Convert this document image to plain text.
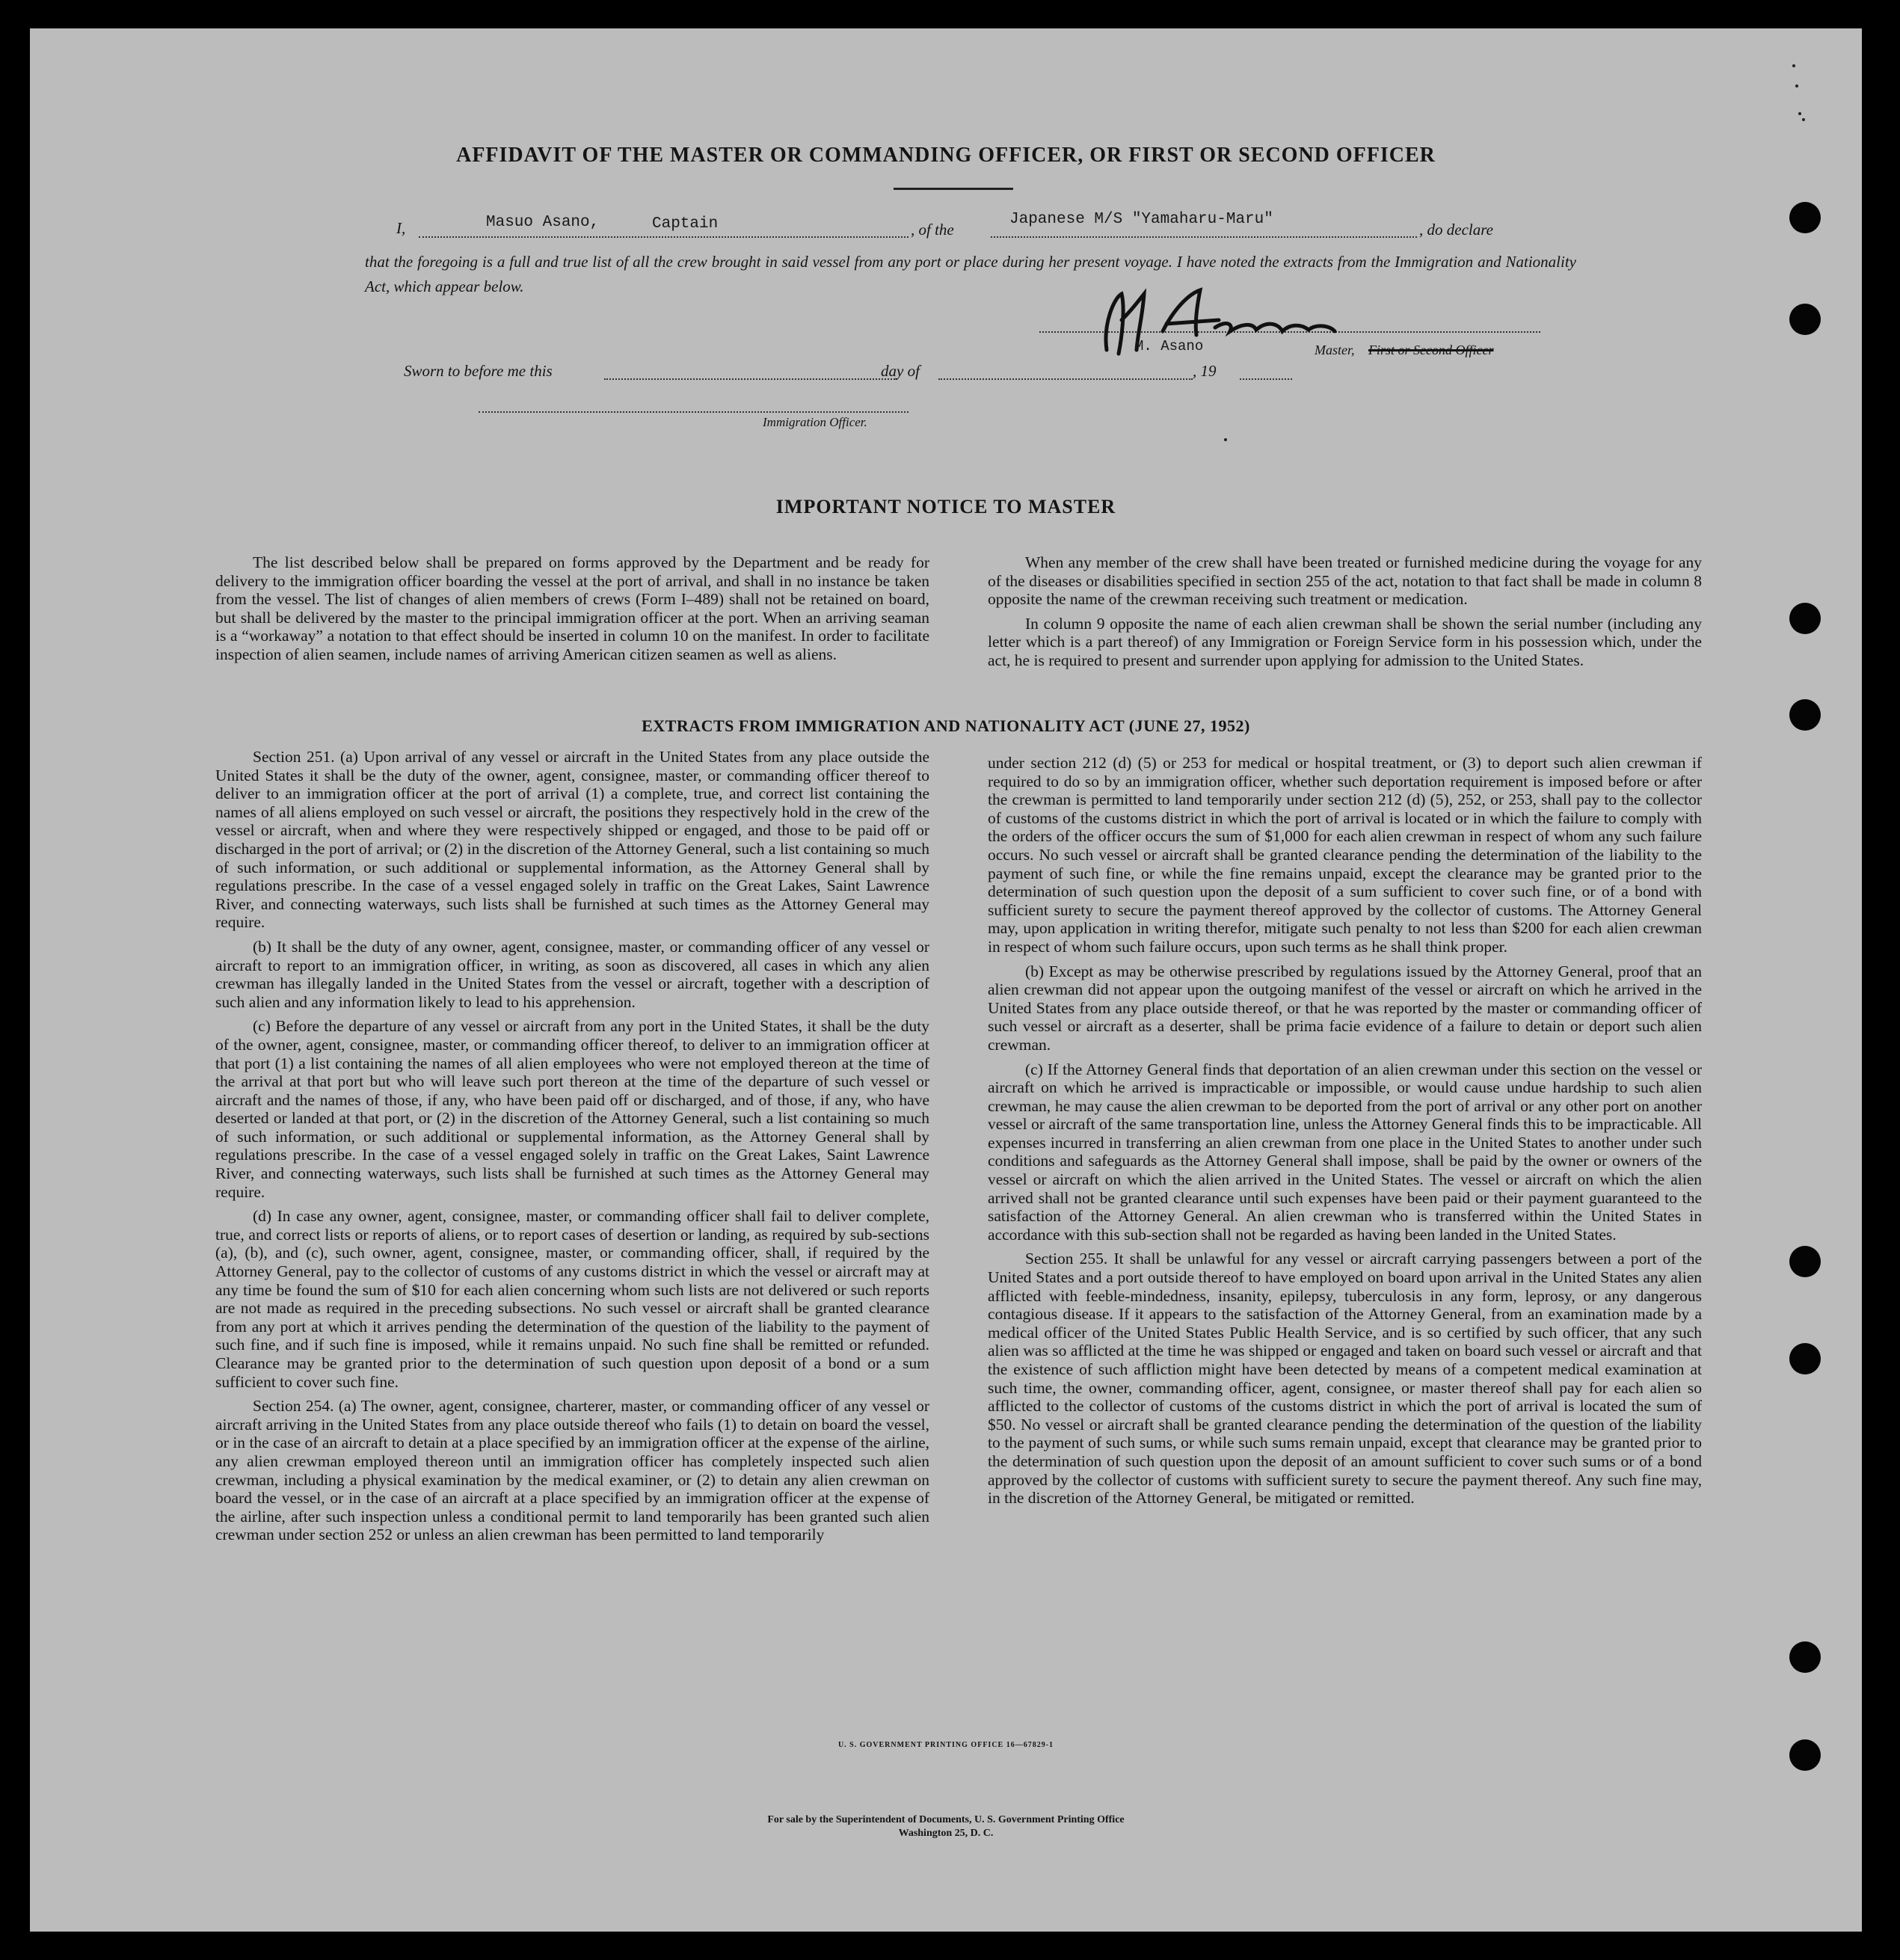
AFFIDAVIT OF THE MASTER OR COMMANDING OFFICER, OR FIRST OR SECOND OFFICER
I,	Masuo Asano,	Captain	, of the
Japanese M/S "Yamaharu-Maru"
, do declare
that the foregoing is a full and true list of all the crew brought in said vessel from any port or place during her present voyage. I have noted the extracts from the Immigration and Nationality Act, which appear below.
M. Asano	Master, First or Second Officer
Sworn to before me this	day of	, 19
Immigration Officer.
IMPORTANT NOTICE TO MASTER

The list described below shall be prepared on forms approved by the Department and be ready for delivery to the immigration officer boarding the vessel at the port of arrival, and shall in no instance be taken from the vessel. The list of changes of alien members of crews (Form I–489) shall not be retained on board, but shall be delivered by the master to the principal immigration officer at the port. When an arriving seaman is a “workaway” a notation to that effect should be inserted in column 10 on the manifest. In order to facilitate inspection of alien seamen, include names of arriving American citizen seamen as well as aliens.

When any member of the crew shall have been treated or furnished medicine during the voyage for any of the diseases or disabilities specified in section 255 of the act, notation to that fact shall be made in column 8 opposite the name of the crewman receiving such treatment or medication.

In column 9 opposite the name of each alien crewman shall be shown the serial number (including any letter which is a part thereof) of any Immigration or Foreign Service form in his possession which, under the act, he is required to present and surrender upon applying for admission to the United States.

EXTRACTS FROM IMMIGRATION AND NATIONALITY ACT (JUNE 27, 1952)

Section 251. (a) Upon arrival of any vessel or aircraft in the United States from any place outside the United States it shall be the duty of the owner, agent, consignee, master, or commanding officer thereof to deliver to an immigration officer at the port of arrival (1) a complete, true, and correct list containing the names of all aliens employed on such vessel or aircraft, the positions they respectively hold in the crew of the vessel or aircraft, when and where they were respectively shipped or engaged, and those to be paid off or discharged in the port of arrival; or (2) in the discretion of the Attorney General, such a list containing so much of such information, or such additional or supplemental information, as the Attorney General shall by regulations prescribe. In the case of a vessel engaged solely in traffic on the Great Lakes, Saint Lawrence River, and connecting waterways, such lists shall be furnished at such times as the Attorney General may require.

(b) It shall be the duty of any owner, agent, consignee, master, or commanding officer of any vessel or aircraft to report to an immigration officer, in writing, as soon as discovered, all cases in which any alien crewman has illegally landed in the United States from the vessel or aircraft, together with a description of such alien and any information likely to lead to his apprehension.

(c) Before the departure of any vessel or aircraft from any port in the United States, it shall be the duty of the owner, agent, consignee, master, or commanding officer thereof, to deliver to an immigration officer at that port (1) a list containing the names of all alien employees who were not employed thereon at the time of the arrival at that port but who will leave such port thereon at the time of the departure of such vessel or aircraft and the names of those, if any, who have been paid off or discharged, and of those, if any, who have deserted or landed at that port, or (2) in the discretion of the Attorney General, such a list containing so much of such information, or such additional or supplemental information, as the Attorney General shall by regulations prescribe. In the case of a vessel engaged solely in traffic on the Great Lakes, Saint Lawrence River, and connecting waterways, such lists shall be furnished at such times as the Attorney General may require.

(d) In case any owner, agent, consignee, master, or commanding officer shall fail to deliver complete, true, and correct lists or reports of aliens, or to report cases of desertion or landing, as required by sub-sections (a), (b), and (c), such owner, agent, consignee, master, or commanding officer, shall, if required by the Attorney General, pay to the collector of customs of any customs district in which the vessel or aircraft may at any time be found the sum of $10 for each alien concerning whom such lists are not delivered or such reports are not made as required in the preceding subsections. No such vessel or aircraft shall be granted clearance from any port at which it arrives pending the determination of the question of the liability to the payment of such fine, and if such fine is imposed, while it remains unpaid. No such fine shall be remitted or refunded. Clearance may be granted prior to the determination of such question upon deposit of a bond or a sum sufficient to cover such fine.

Section 254. (a) The owner, agent, consignee, charterer, master, or commanding officer of any vessel or aircraft arriving in the United States from any place outside thereof who fails (1) to detain on board the vessel, or in the case of an aircraft to detain at a place specified by an immigration officer at the expense of the airline, any alien crewman employed thereon until an immigration officer has completely inspected such alien crewman, including a physical examination by the medical examiner, or (2) to detain any alien crewman on board the vessel, or in the case of an aircraft at a place specified by an immigration officer at the expense of the airline, after such inspection unless a conditional permit to land temporarily has been granted such alien crewman under section 252 or unless an alien crewman has been permitted to land temporarily

under section 212 (d) (5) or 253 for medical or hospital treatment, or (3) to deport such alien crewman if required to do so by an immigration officer, whether such deportation requirement is imposed before or after the crewman is permitted to land temporarily under section 212 (d) (5), 252, or 253, shall pay to the collector of customs of the customs district in which the port of arrival is located or in which the failure to comply with the orders of the officer occurs the sum of $1,000 for each alien crewman in respect of whom any such failure occurs. No such vessel or aircraft shall be granted clearance pending the determination of the liability to the payment of such fine, or while the fine remains unpaid, except the clearance may be granted prior to the determination of such question upon the deposit of a sum sufficient to cover such fine, or of a bond with sufficient surety to secure the payment thereof approved by the collector of customs. The Attorney General may, upon application in writing therefor, mitigate such penalty to not less than $200 for each alien crewman in respect of whom such failure occurs, upon such terms as he shall think proper.

(b) Except as may be otherwise prescribed by regulations issued by the Attorney General, proof that an alien crewman did not appear upon the outgoing manifest of the vessel or aircraft on which he arrived in the United States from any place outside thereof, or that he was reported by the master or commanding officer of such vessel or aircraft as a deserter, shall be prima facie evidence of a failure to detain or deport such alien crewman.

(c) If the Attorney General finds that deportation of an alien crewman under this section on the vessel or aircraft on which he arrived is impracticable or impossible, or would cause undue hardship to such alien crewman, he may cause the alien crewman to be deported from the port of arrival or any other port on another vessel or aircraft of the same transportation line, unless the Attorney General finds this to be impracticable. All expenses incurred in transferring an alien crewman from one place in the United States to another under such conditions and safeguards as the Attorney General shall impose, shall be paid by the owner or owners of the vessel or aircraft on which the alien arrived in the United States. The vessel or aircraft on which the alien arrived shall not be granted clearance until such expenses have been paid or their payment guaranteed to the satisfaction of the Attorney General. An alien crewman who is transferred within the United States in accordance with this sub-section shall not be regarded as having been landed in the United States.

Section 255. It shall be unlawful for any vessel or aircraft carrying passengers between a port of the United States and a port outside thereof to have employed on board upon arrival in the United States any alien afflicted with feeble-mindedness, insanity, epilepsy, tuberculosis in any form, leprosy, or any dangerous contagious disease. If it appears to the satisfaction of the Attorney General, from an examination made by a medical officer of the United States Public Health Service, and is so certified by such officer, that any such alien was so afflicted at the time he was shipped or engaged and taken on board such vessel or aircraft and that the existence of such affliction might have been detected by means of a competent medical examination at such time, the owner, commanding officer, agent, consignee, or master thereof shall pay for each alien so afflicted to the collector of customs of the customs district in which the port of arrival is located the sum of $50. No vessel or aircraft shall be granted clearance pending the determination of the question of the liability to the payment of such sums, or while such sums remain unpaid, except that clearance may be granted prior to the determination of such question upon the deposit of an amount sufficient to cover such sums or of a bond approved by the collector of customs with sufficient surety to secure the payment thereof. Any such fine may, in the discretion of the Attorney General, be mitigated or remitted.

U. S. GOVERNMENT PRINTING OFFICE 16—67829-1
For sale by the Superintendent of Documents, U. S. Government Printing Office
Washington 25, D. C.
